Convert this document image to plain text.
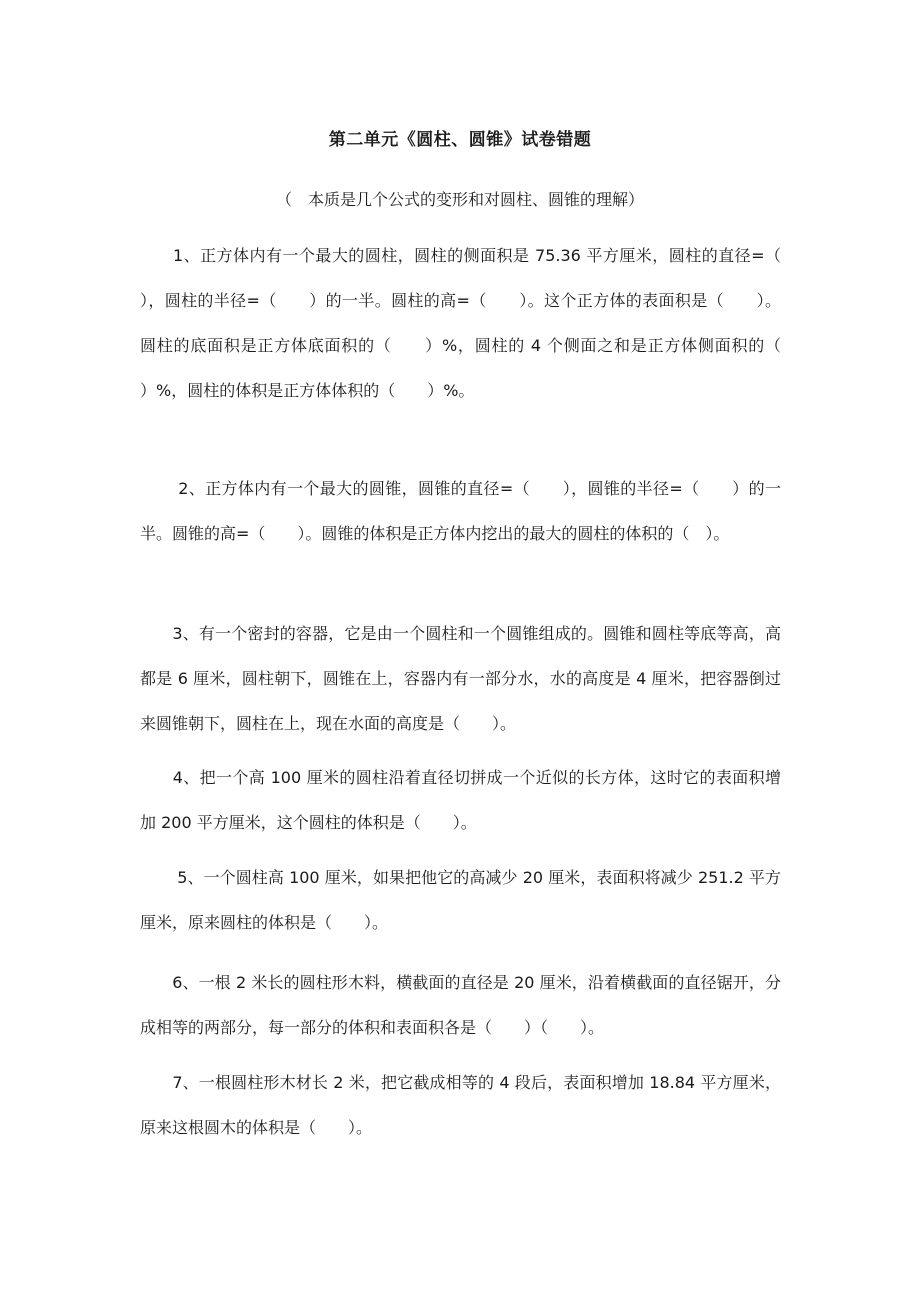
第二单元《圆柱、圆锥》试卷错题
（　本质是几个公式的变形和对圆柱、圆锥的理解）
　　1、正方体内有一个最大的圆柱，圆柱的侧面积是 75.36 平方厘米，圆柱的直径=（　　），圆柱的半径=（　　）的一半。圆柱的高=（　　）。这个正方体的表面积是（　　）。圆柱的底面积是正方体底面积的（　　）%，圆柱的 4 个侧面之和是正方体侧面积的（　　）%，圆柱的体积是正方体体积的（　　）%。
　　 2、正方体内有一个最大的圆锥，圆锥的直径=（　　），圆锥的半径=（　　）的一半。圆锥的高=（　　）。圆锥的体积是正方体内挖出的最大的圆柱的体积的（　）。
　　3、有一个密封的容器，它是由一个圆柱和一个圆锥组成的。圆锥和圆柱等底等高，高都是 6 厘米，圆柱朝下，圆锥在上，容器内有一部分水，水的高度是 4 厘米，把容器倒过来圆锥朝下，圆柱在上，现在水面的高度是（　　）。
　　4、把一个高 100 厘米的圆柱沿着直径切拼成一个近似的长方体，这时它的表面积增加 200 平方厘米，这个圆柱的体积是（　　）。
　　 5、一个圆柱高 100 厘米，如果把他它的高减少 20 厘米，表面积将减少 251.2 平方厘米，原来圆柱的体积是（　　）。
　　6、一根 2 米长的圆柱形木料，横截面的直径是 20 厘米，沿着横截面的直径锯开，分成相等的两部分，每一部分的体积和表面积各是（　　）（　　）。
　　7、一根圆柱形木材长 2 米，把它截成相等的 4 段后，表面积增加 18.84 平方厘米，原来这根圆木的体积是（　　）。
